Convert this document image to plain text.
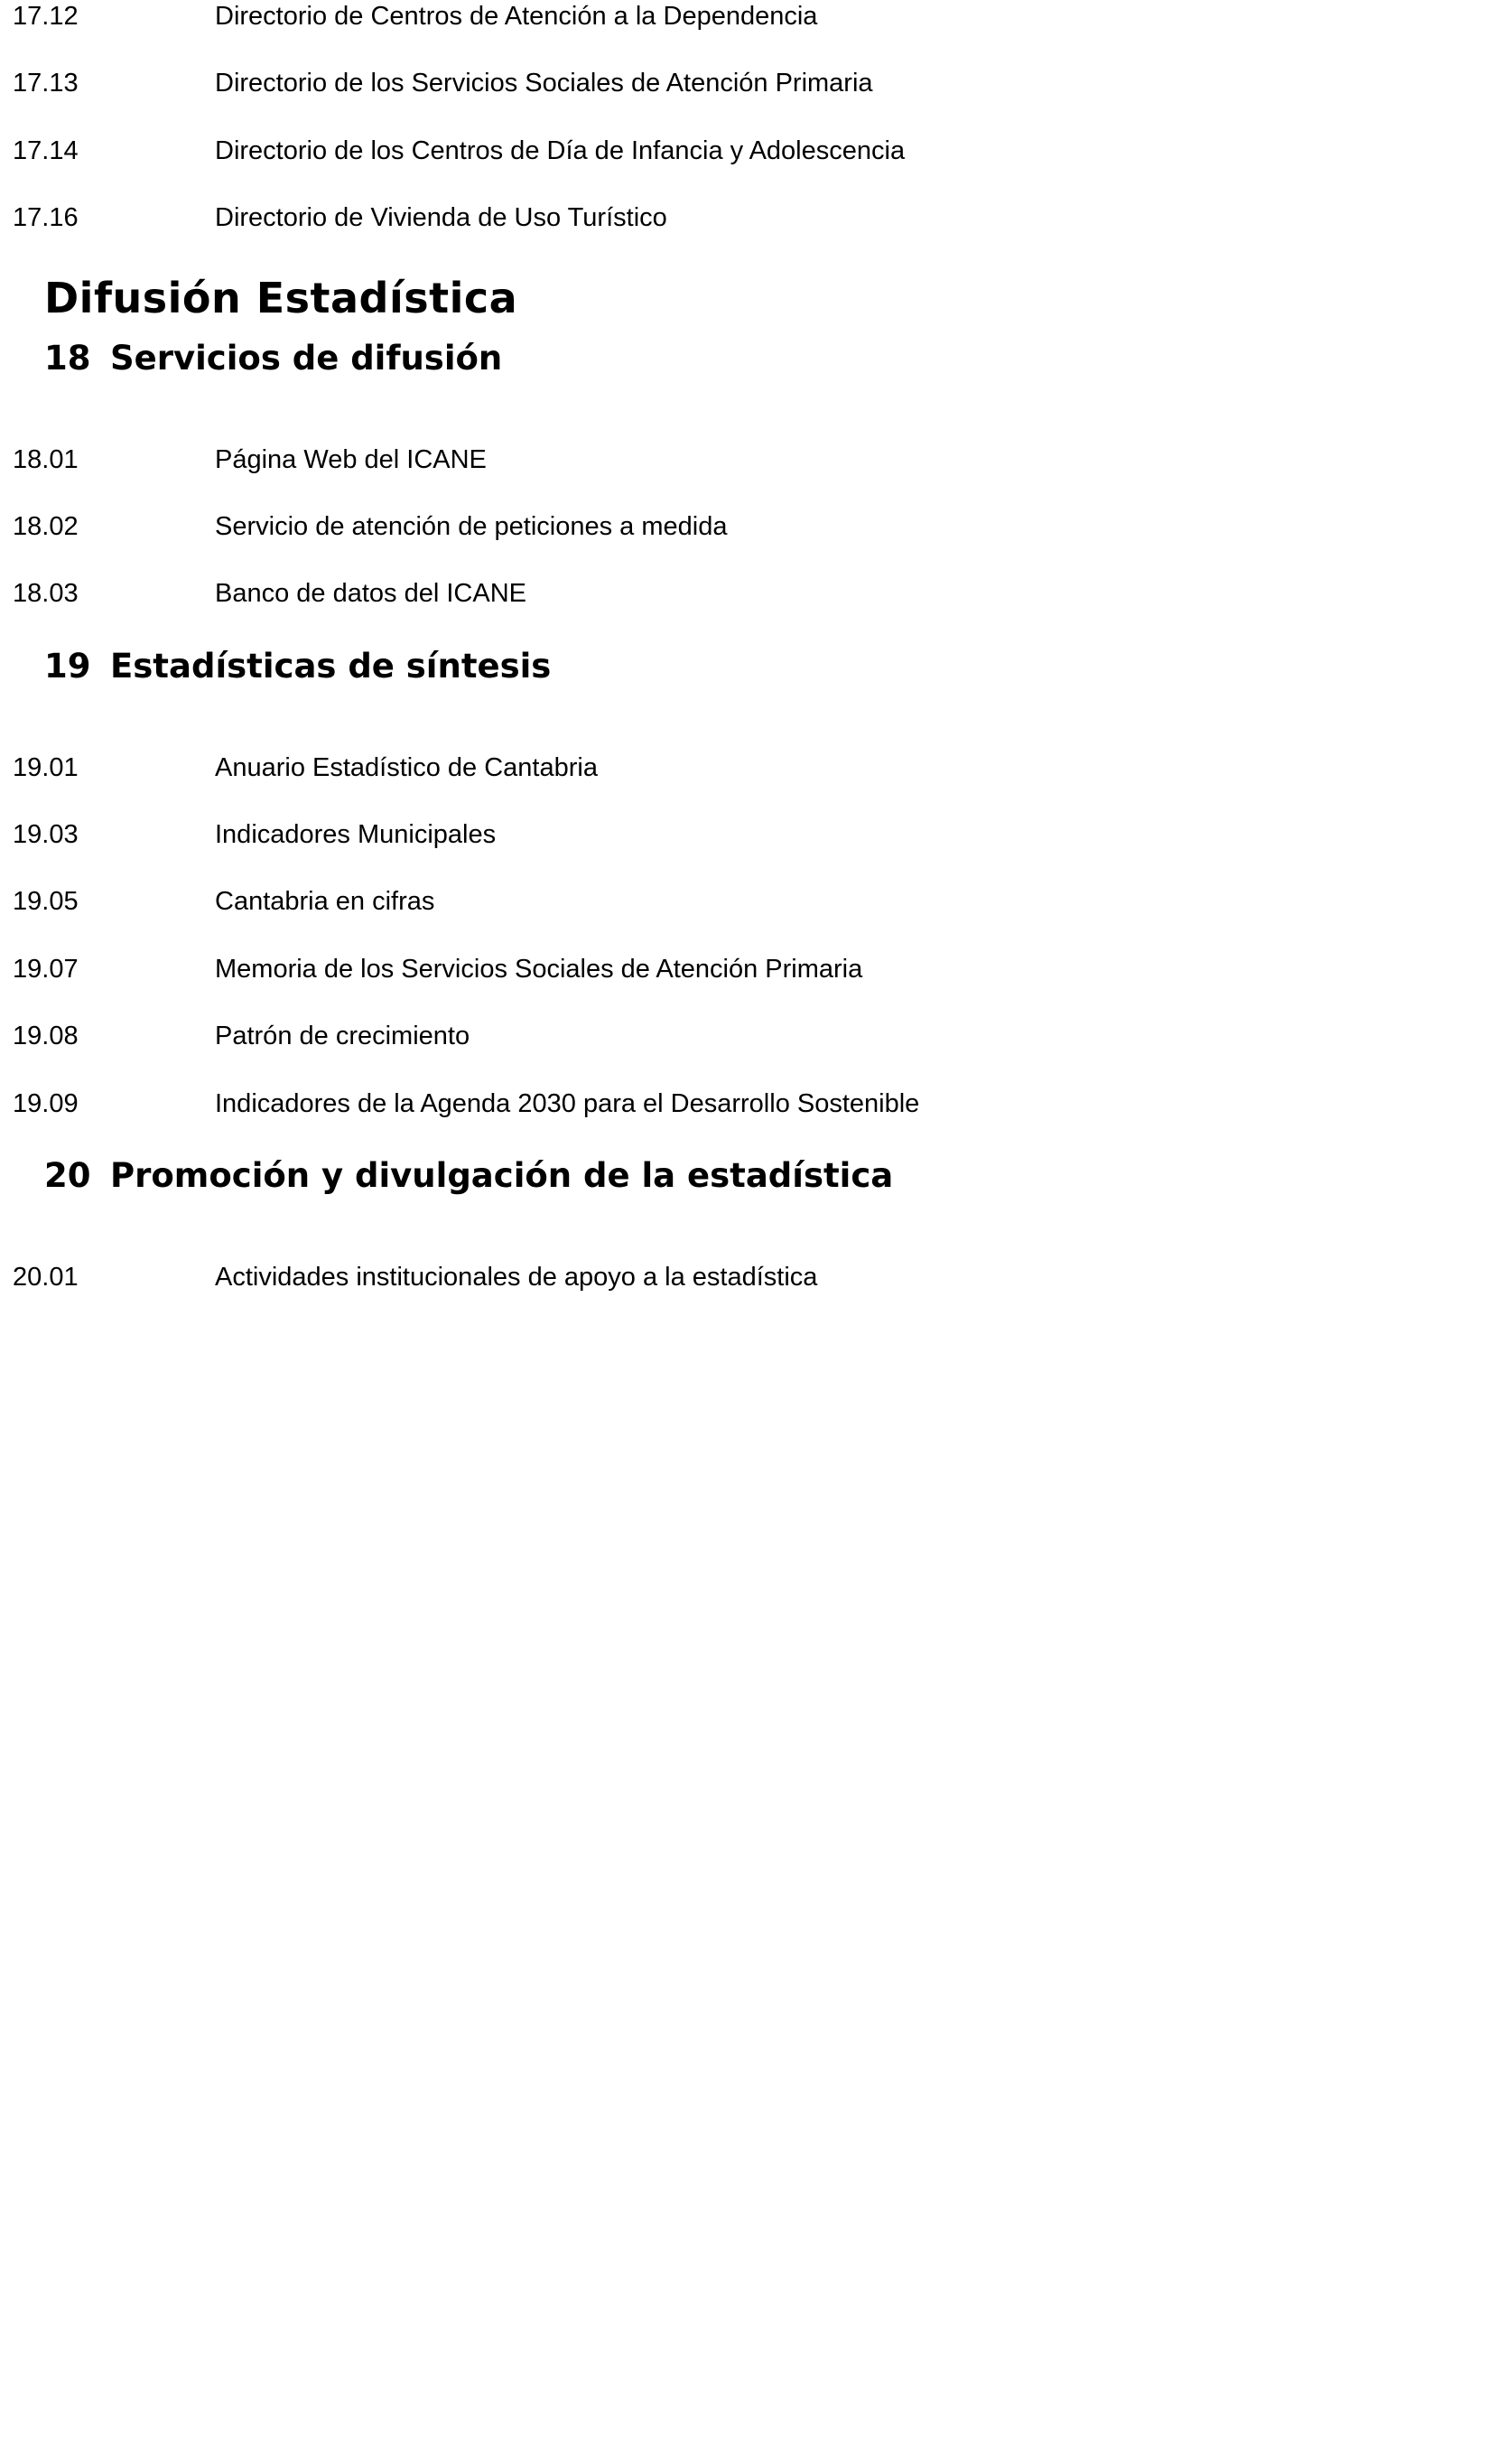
17.12	Directorio de Centros de Atención a la Dependencia
17.13	Directorio de los Servicios Sociales de Atención Primaria
17.14	Directorio de los Centros de Día de Infancia y Adolescencia
17.16	Directorio de Vivienda de Uso Turístico
Difusión Estadística
18 Servicios de difusión
18.01	Página Web del ICANE
18.02	Servicio de atención de peticiones a medida
18.03	Banco de datos del ICANE
19 Estadísticas de síntesis
19.01	Anuario Estadístico de Cantabria
19.03	Indicadores Municipales
19.05	Cantabria en cifras
19.07	Memoria de los Servicios Sociales de Atención Primaria
19.08	Patrón de crecimiento
19.09	Indicadores de la Agenda 2030 para el Desarrollo Sostenible
20 Promoción y divulgación de la estadística
20.01	Actividades institucionales de apoyo a la estadística
